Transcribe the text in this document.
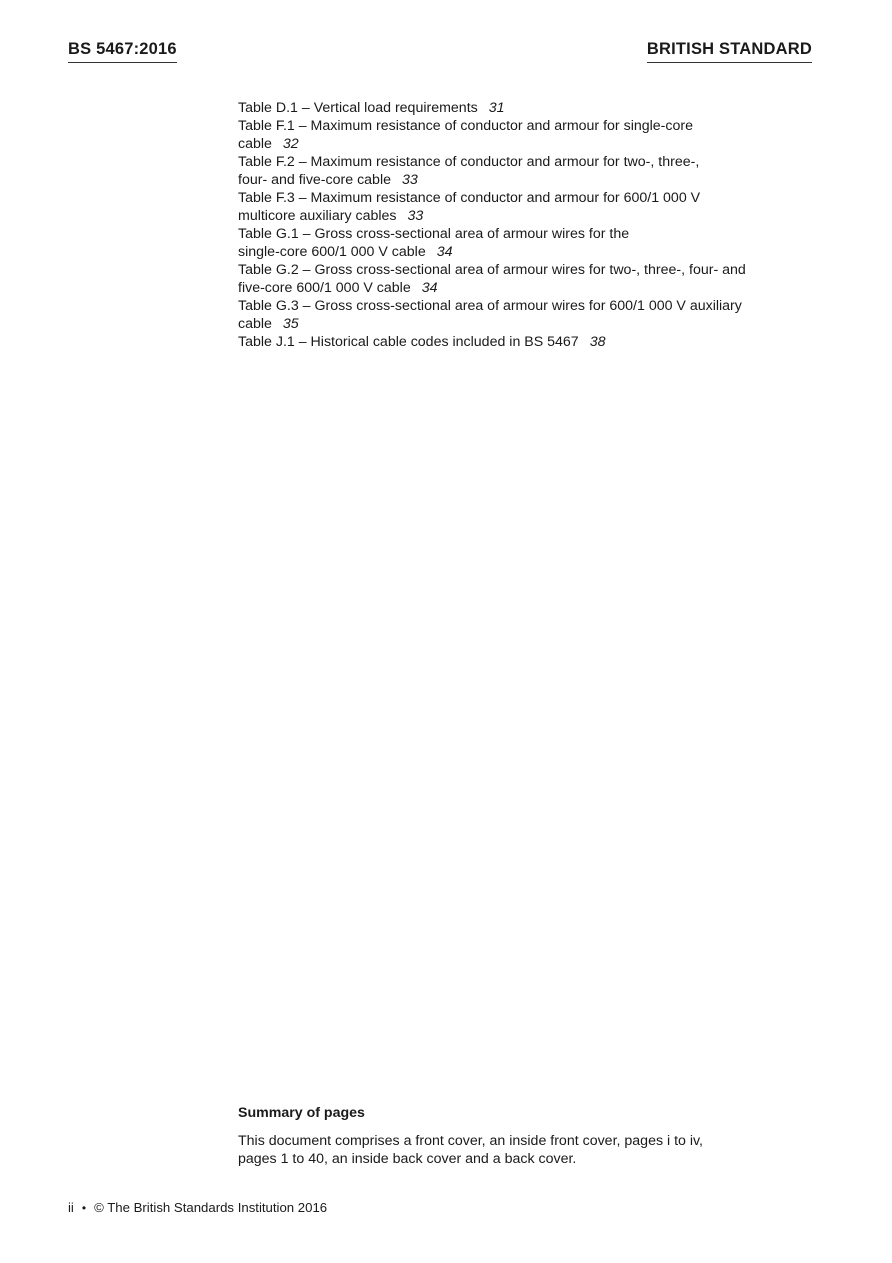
BS 5467:2016	BRITISH STANDARD
Table D.1 – Vertical load requirements 31
Table F.1 – Maximum resistance of conductor and armour for single-core
cable 32
Table F.2 – Maximum resistance of conductor and armour for two-, three-,
four- and five-core cable 33
Table F.3 – Maximum resistance of conductor and armour for 600/1 000 V
multicore auxiliary cables 33
Table G.1 – Gross cross-sectional area of armour wires for the
single-core 600/1 000 V cable 34
Table G.2 – Gross cross-sectional area of armour wires for two-, three-, four- and
five-core 600/1 000 V cable 34
Table G.3 – Gross cross-sectional area of armour wires for 600/1 000 V auxiliary
cable 35
Table J.1 – Historical cable codes included in BS 5467 38
Summary of pages
This document comprises a front cover, an inside front cover, pages i to iv,
pages 1 to 40, an inside back cover and a back cover.
ii • © The British Standards Institution 2016
